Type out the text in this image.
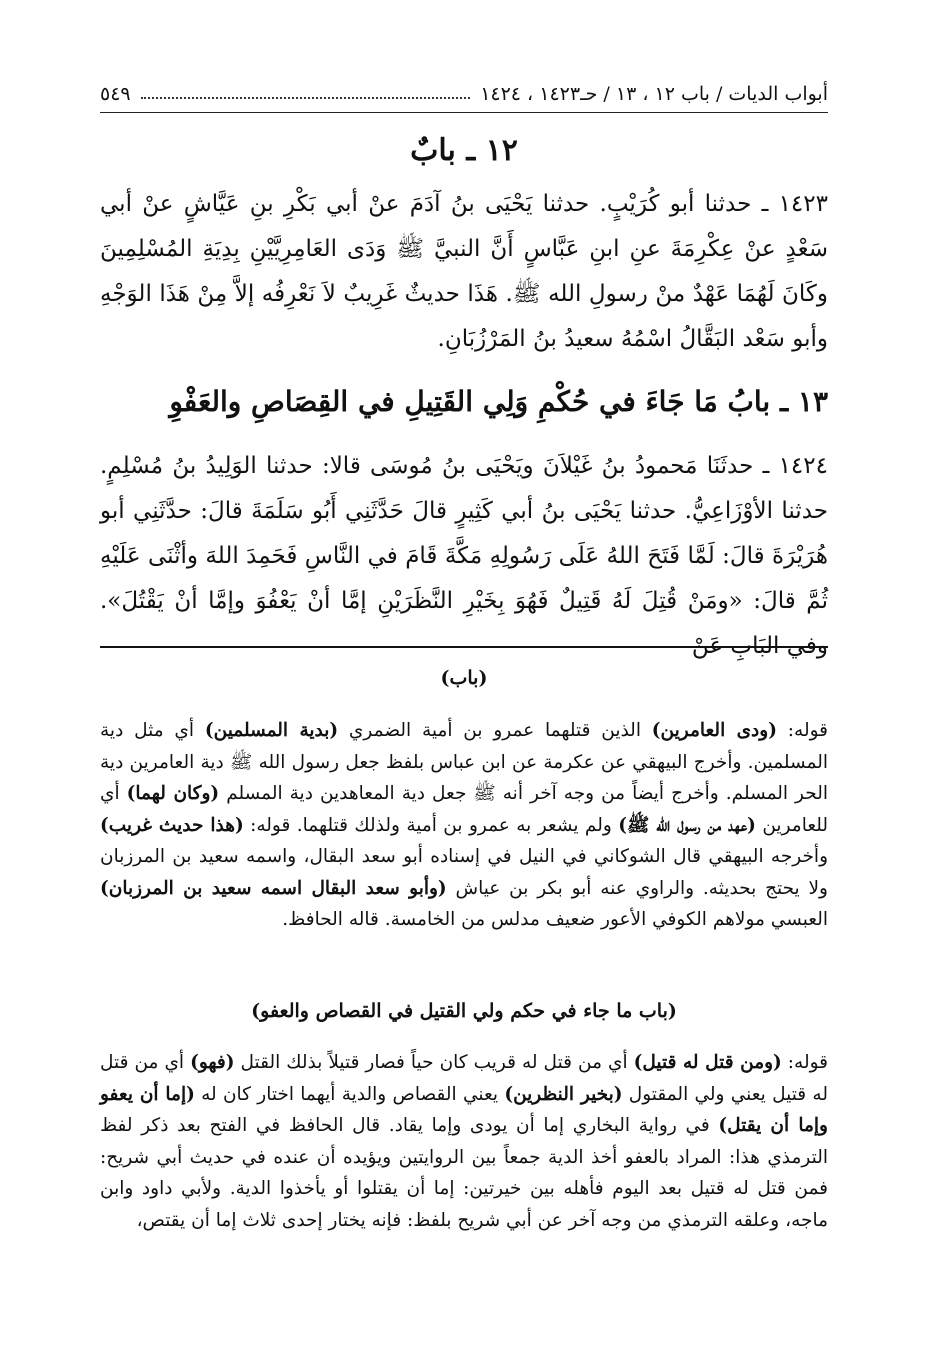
أبواب الديات / باب ١٢ ، ١٣ / حـ١٤٢٣ ، ١٤٢٤
٥٤٩
١٢ ـ بابٌ

١٤٢٣ ـ حدثنا أبو كُرَيْبٍ. حدثنا يَحْيَى بنُ آدَمَ عنْ أبي بَكْرِ بنِ عَيَّاشٍ عنْ أبي سَعْدٍ عنْ عِكْرِمَةَ عنِ ابنِ عَبَّاسٍ أَنَّ النبيَّ ﷺ وَدَى العَامِرِيَّيْنِ بِدِيَةِ المُسْلِمِينَ وكَانَ لَهُمَا عَهْدٌ منْ رسولِ الله ﷺ. هَذَا حديثٌ غَرِيبٌ لاَ نَعْرِفُه إلاَّ مِنْ هَذَا الوَجْهِ وأبو سَعْد البَقَّالُ اسْمُهُ سعيدُ بنُ المَرْزُبَانِ.

١٣ ـ بابُ مَا جَاءَ في حُكْمِ وَلِي القَتِيلِ في القِصَاصِ والعَفْوِ

١٤٢٤ ـ حدثَنَا مَحمودُ بنُ غَيْلاَنَ ويَحْيَى بنُ مُوسَى قالا: حدثنا الوَلِيدُ بنُ مُسْلِمٍ. حدثنا الأوْزَاعِيُّ. حدثنا يَحْيَى بنُ أبي كَثِيرٍ قالَ حَدَّثَنِي أَبُو سَلَمَةَ قالَ: حدَّثَنِي أبو هُرَيْرَةَ قالَ: لَمَّا فَتَحَ اللهُ عَلَى رَسُولِهِ مَكَّةَ قَامَ في النَّاسِ فَحَمِدَ اللهَ وأثْنَى عَلَيْهِ ثُمَّ قالَ: «ومَنْ قُتِلَ لَهُ قَتِيلٌ فَهُوَ بِخَيْرِ النَّظَرَيْنِ إمَّا أنْ يَعْفُوَ وإمَّا أنْ يَقْتُلَ». وفي البَابِ عَنْ

(باب)

قوله: (ودى العامرين) الذين قتلهما عمرو بن أمية الضمري (بدية المسلمين) أي مثل دية المسلمين. وأخرج البيهقي عن عكرمة عن ابن عباس بلفظ جعل رسول الله ﷺ دية العامرين دية الحر المسلم. وأخرج أيضاً من وجه آخر أنه ﷺ جعل دية المعاهدين دية المسلم (وكان لهما) أي للعامرين (عهد من رسول الله ﷺ) ولم يشعر به عمرو بن أمية ولذلك قتلهما. قوله: (هذا حديث غريب) وأخرجه البيهقي قال الشوكاني في النيل في إسناده أبو سعد البقال، واسمه سعيد بن المرزبان ولا يحتج بحديثه. والراوي عنه أبو بكر بن عياش (وأبو سعد البقال اسمه سعيد بن المرزبان) العبسي مولاهم الكوفي الأعور ضعيف مدلس من الخامسة. قاله الحافظ.

(باب ما جاء في حكم ولي القتيل في القصاص والعفو)

قوله: (ومن قتل له قتيل) أي من قتل له قريب كان حياً فصار قتيلاً بذلك القتل (فهو) أي من قتل له قتيل يعني ولي المقتول (بخير النظرين) يعني القصاص والدية أيهما اختار كان له (إما أن يعفو وإما أن يقتل) في رواية البخاري إما أن يودى وإما يقاد. قال الحافظ في الفتح بعد ذكر لفظ الترمذي هذا: المراد بالعفو أخذ الدية جمعاً بين الروايتين ويؤيده أن عنده في حديث أبي شريح: فمن قتل له قتيل بعد اليوم فأهله بين خيرتين: إما أن يقتلوا أو يأخذوا الدية. ولأبي داود وابن ماجه، وعلقه الترمذي من وجه آخر عن أبي شريح بلفظ: فإنه يختار إحدى ثلاث إما أن يقتص،
